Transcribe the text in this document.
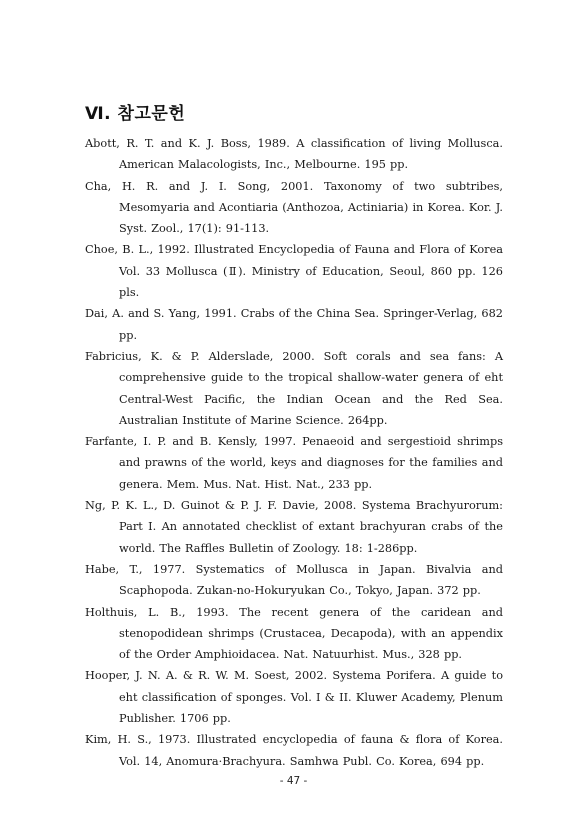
Ⅵ. 참고문헌
Abott, R. T. and K. J. Boss, 1989. A classification of living Mollusca. American Malacologists, Inc., Melbourne. 195 pp.
Cha, H. R. and J. I. Song, 2001. Taxonomy of two subtribes, Mesomyaria and Acontiaria (Anthozoa, Actiniaria) in Korea. Kor. J. Syst. Zool., 17(1): 91-113.
Choe, B. L., 1992. Illustrated Encyclopedia of Fauna and Flora of Korea Vol. 33 Mollusca (Ⅱ). Ministry of Education, Seoul, 860 pp. 126 pls.
Dai, A. and S. Yang, 1991. Crabs of the China Sea. Springer-Verlag, 682 pp.
Fabricius, K. & P. Alderslade, 2000. Soft corals and sea fans: A comprehensive guide to the tropical shallow-water genera of eht Central-West Pacific, the Indian Ocean and the Red Sea. Australian Institute of Marine Science. 264pp.
Farfante, I. P. and B. Kensly, 1997. Penaeoid and sergestioid shrimps and prawns of the world, keys and diagnoses for the families and genera. Mem. Mus. Nat. Hist. Nat., 233 pp.
Ng, P. K. L., D. Guinot & P. J. F. Davie, 2008. Systema Brachyurorum: Part I. An annotated checklist of extant brachyuran crabs of the world. The Raffles Bulletin of Zoology. 18: 1-286pp.
Habe, T., 1977. Systematics of Mollusca in Japan. Bivalvia and Scaphopoda. Zukan-no-Hokuryukan Co., Tokyo, Japan. 372 pp.
Holthuis, L. B., 1993. The recent genera of the caridean and stenopodidean shrimps (Crustacea, Decapoda), with an appendix of the Order Amphioidacea. Nat. Natuurhist. Mus., 328 pp.
Hooper, J. N. A. & R. W. M. Soest, 2002. Systema Porifera. A guide to eht classification of sponges. Vol. I & II. Kluwer Academy, Plenum Publisher. 1706 pp.
Kim, H. S., 1973. Illustrated encyclopedia of fauna & flora of Korea. Vol. 14, Anomura·Brachyura. Samhwa Publ. Co. Korea, 694 pp.
- 47 -
